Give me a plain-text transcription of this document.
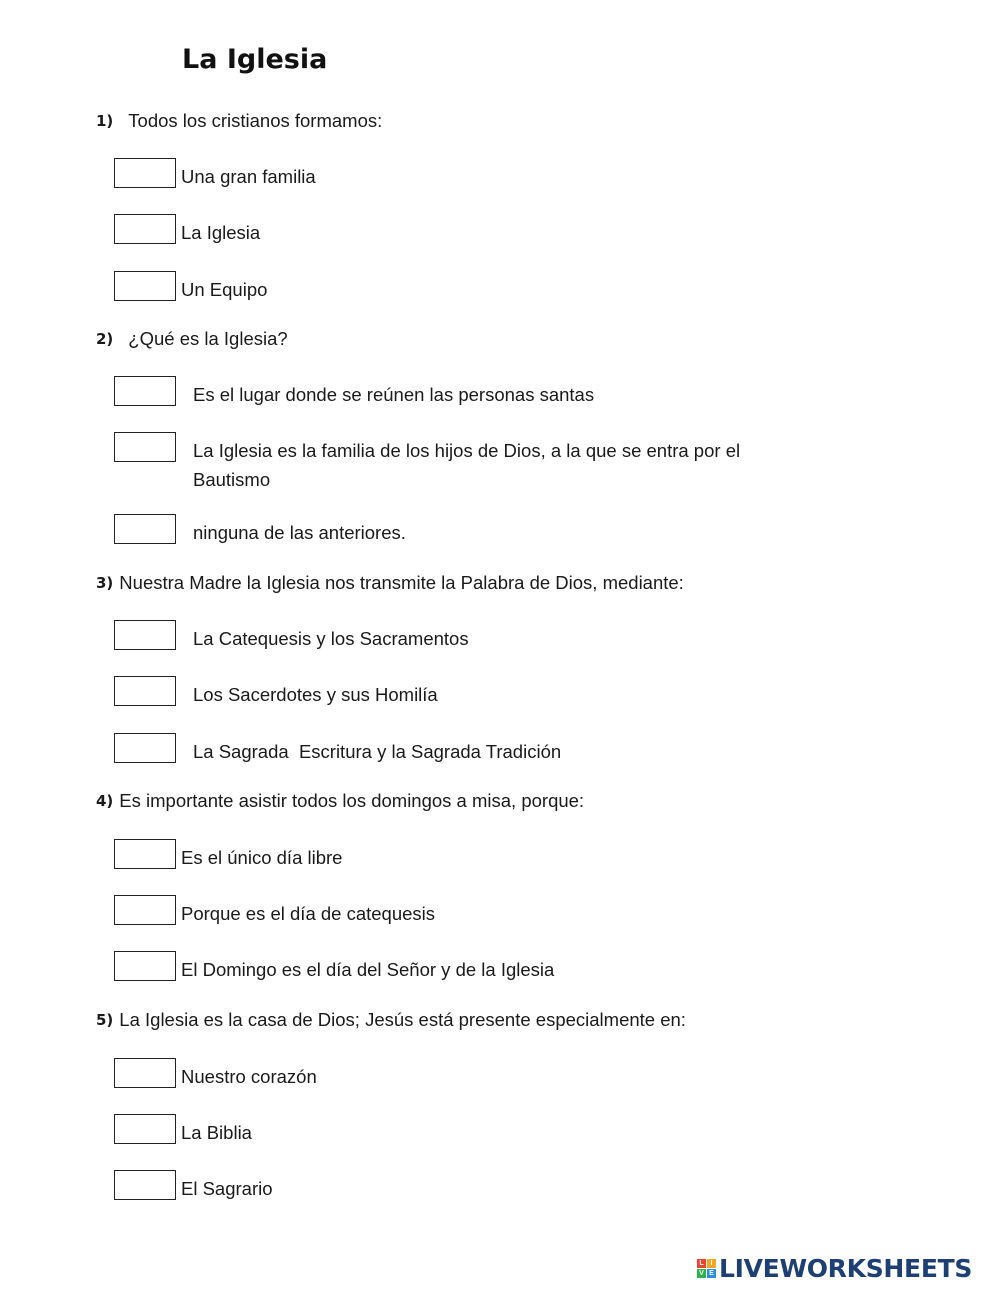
La Iglesia
1) Todos los cristianos formamos:
Una gran familia
La Iglesia
Un Equipo
2) ¿Qué es la Iglesia?
Es el lugar donde se reúnen las personas santas
La Iglesia es la familia de los hijos de Dios, a la que se entra por el Bautismo
ninguna de las anteriores.
3) Nuestra Madre la Iglesia nos transmite la Palabra de Dios, mediante:
La Catequesis y los Sacramentos
Los Sacerdotes y sus Homilía
La Sagrada  Escritura y la Sagrada Tradición
4) Es importante asistir todos los domingos a misa, porque:
Es el único día libre
Porque es el día de catequesis
El Domingo es el día del Señor y de la Iglesia
5) La Iglesia es la casa de Dios; Jesús está presente especialmente en:
Nuestro corazón
La Biblia
El Sagrario
L I
V E LIVEWORKSHEETS
